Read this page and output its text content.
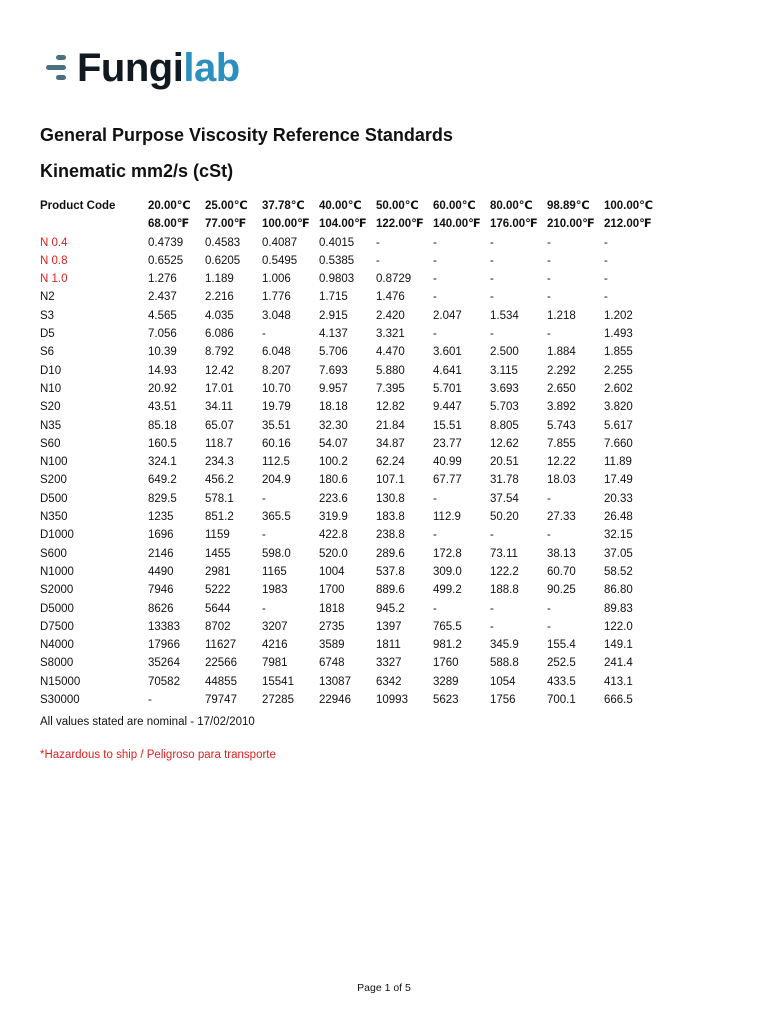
Fungilab
General Purpose Viscosity Reference Standards
Kinematic mm2/s (cSt)
Product Code	20.00℃	25.00℃	37.78℃	40.00℃	50.00℃	60.00℃	80.00℃	98.89℃	100.00℃
	68.00℉	77.00℉	100.00℉	104.00℉	122.00℉	140.00℉	176.00℉	210.00℉	212.00℉
N 0.4	0.4739	0.4583	0.4087	0.4015	-	-	-	-	-
N 0.8	0.6525	0.6205	0.5495	0.5385	-	-	-	-	-
N 1.0	1.276	1.189	1.006	0.9803	0.8729	-	-	-	-
N2	2.437	2.216	1.776	1.715	1.476	-	-	-	-
S3	4.565	4.035	3.048	2.915	2.420	2.047	1.534	1.218	1.202
D5	7.056	6.086	-	4.137	3.321	-	-	-	1.493
S6	10.39	8.792	6.048	5.706	4.470	3.601	2.500	1.884	1.855
D10	14.93	12.42	8.207	7.693	5.880	4.641	3.115	2.292	2.255
N10	20.92	17.01	10.70	9.957	7.395	5.701	3.693	2.650	2.602
S20	43.51	34.11	19.79	18.18	12.82	9.447	5.703	3.892	3.820
N35	85.18	65.07	35.51	32.30	21.84	15.51	8.805	5.743	5.617
S60	160.5	118.7	60.16	54.07	34.87	23.77	12.62	7.855	7.660
N100	324.1	234.3	112.5	100.2	62.24	40.99	20.51	12.22	11.89
S200	649.2	456.2	204.9	180.6	107.1	67.77	31.78	18.03	17.49
D500	829.5	578.1	-	223.6	130.8	-	37.54	-	20.33
N350	1235	851.2	365.5	319.9	183.8	112.9	50.20	27.33	26.48
D1000	1696	1159	-	422.8	238.8	-	-	-	32.15
S600	2146	1455	598.0	520.0	289.6	172.8	73.11	38.13	37.05
N1000	4490	2981	1165	1004	537.8	309.0	122.2	60.70	58.52
S2000	7946	5222	1983	1700	889.6	499.2	188.8	90.25	86.80
D5000	8626	5644	-	1818	945.2	-	-	-	89.83
D7500	13383	8702	3207	2735	1397	765.5	-	-	122.0
N4000	17966	11627	4216	3589	1811	981.2	345.9	155.4	149.1
S8000	35264	22566	7981	6748	3327	1760	588.8	252.5	241.4
N15000	70582	44855	15541	13087	6342	3289	1054	433.5	413.1
S30000	-	79747	27285	22946	10993	5623	1756	700.1	666.5
All values stated are nominal - 17/02/2010
*Hazardous to ship / Peligroso para transporte
Page 1 of 5
